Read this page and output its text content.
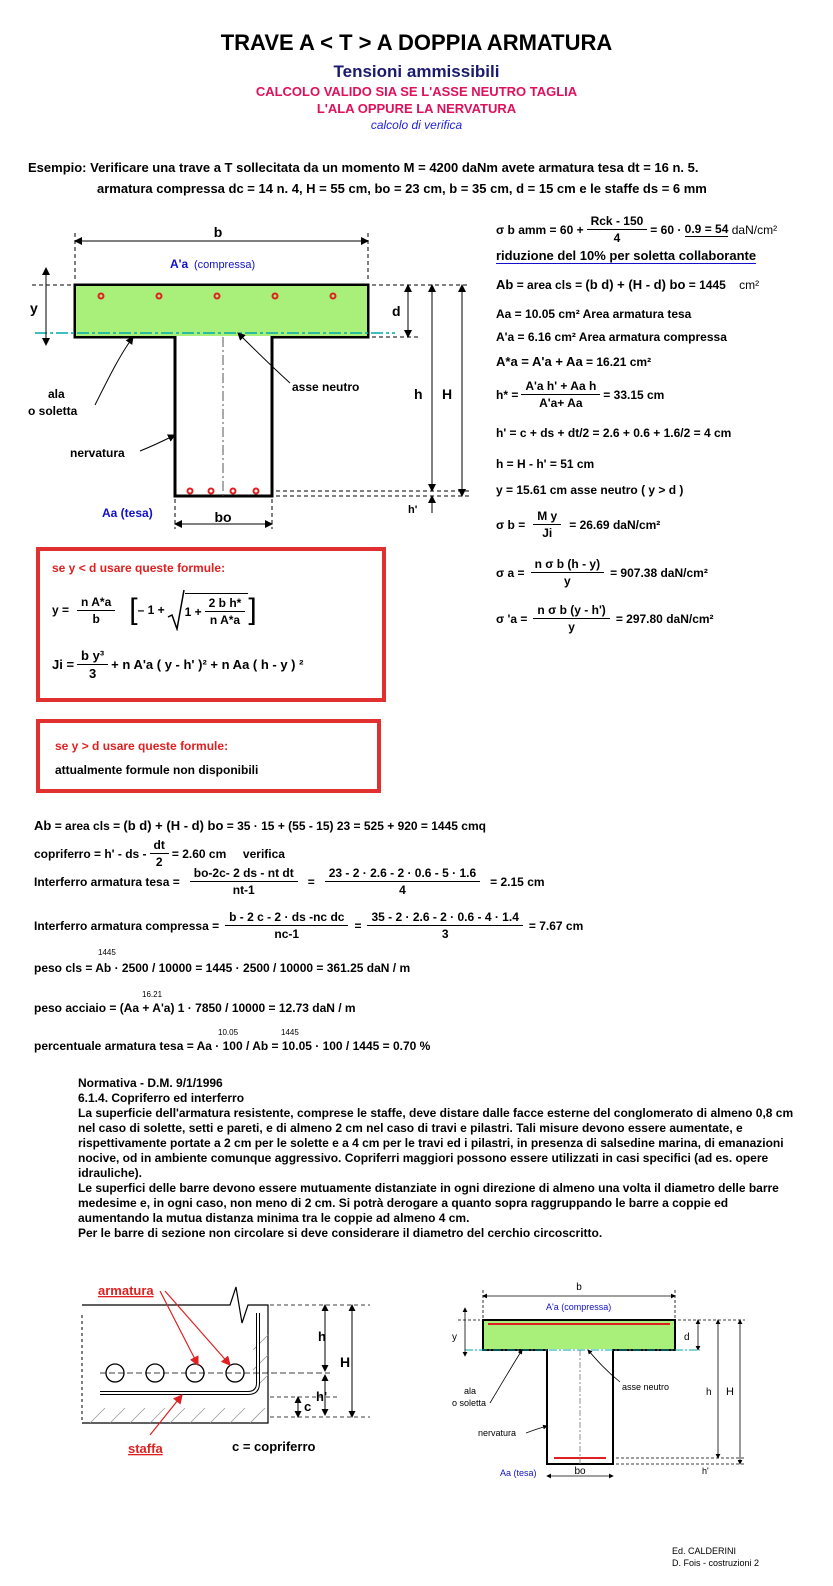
TRAVE A < T > A DOPPIA ARMATURA
Tensioni ammissibili
CALCOLO VALIDO SIA SE L'ASSE NEUTRO TAGLIA
L'ALA OPPURE LA NERVATURA
calcolo di verifica
Esempio: Verificare una trave a T sollecitata da un momento M = 4200 daNm avete armatura tesa dt = 16 n. 5.
armatura compressa dc = 14 n. 4, H = 55 cm, bo = 23 cm, b = 35 cm, d = 15 cm e le staffe ds = 6 mm
b
A'a (compressa)
y	d
h H
ala
o soletta
asse neutro
nervatura
Aa (tesa)	bo	h'
σ b amm = $60 + \frac{\text{Rck - 150}}{4} = 60$ ·
0.9 = 54
daN/cm²
riduzione del 10% per soletta collaborante
Ab = area cls = (b d) + (H - d) bo = 1445 cm²
Aa = 10.05 cm² Area armatura tesa
A'a = 6.16 cm² Area armatura compressa
A*a = A'a + Aa = 16.21 cm²
$h* = \frac{\text{A'a h' + Aa h}}{A'a+ Aa} = 33.15$ cm
h' = c + ds + dt/2 = 2.6 + 0.6 + 1.6/2 = 4 cm
h = H - h' = 51 cm
y = 15.61 cm asse neutro ( y > d )
σ $b = \frac{\text{M y}}{Ji} = 26.69$ daN/cm²
σ $a = \frac{\text{n σ b (h - y)}}{y} = 907.38$ daN/cm²
σ '$a = \frac{\text{n σ b (y - h')}}{y} = 297.80$ daN/cm²
se y < d usare queste formule:
$y = \frac{\text{n A*a}}{b}$ [ – $1 + 1 + \frac{\text{2 b h*}}{\text{n A*a}}$ ]
$Ji = \frac{\text{b y³}}{3} + n$ A'a ( y - h' )² + n Aa ( h - y ) ²
se y > d usare queste formule:
attualmente formule non disponibili
Ab = area cls = (b d) + (H - d) bo = 35 · 15 + (55 - 15) 23 = 525 + 920 = 1445 cmq
copriferro = h' - ds - $\frac{dt}{2} = 2.60$ cm
verifica
Interferro armatura tesa = $\frac{\text{bo-2c- 2 ds - nt dt}}{nt-1} = \frac{23 - 2 \cdot 2.6 - 2 \cdot 0.6 - 5 \cdot 1.6}{4} = 2.15$ cm
Interferro armatura compressa = $\frac{\text{b - 2 c - 2 · ds -nc dc}}{nc-1} = \frac{35 - 2 \cdot 2.6 - 2 \cdot 0.6 - 4 \cdot 1.4}{3} = 7.67$ cm
1445
peso cls = Ab · 2500 / 10000 = 1445 · 2500 / 10000 = 361.25 daN / m
16.21
peso acciaio = (Aa + A'a) 1 · 7850 / 10000 = 12.73 daN / m
10.05	1445
percentuale armatura tesa = Aa · 100 / Ab = 10.05 · 100 / 1445 = 0.70 %
Normativa - D.M. 9/1/1996
6.1.4. Copriferro ed interferro
La superficie dell'armatura resistente, comprese le staffe, deve distare dalle facce esterne del conglomerato di almeno 0,8 cm nel caso di solette, setti e pareti, e di almeno 2 cm nel caso di travi e pilastri. Tali misure devono essere aumentate, e rispettivamente portate a 2 cm per le solette e a 4 cm per le travi ed i pilastri, in presenza di salsedine marina, di emanazioni nocive, od in ambiente comunque aggressivo. Copriferri maggiori possono essere utilizzati in casi specifici (ad es. opere idrauliche).
Le superfici delle barre devono essere mutuamente distanziate in ogni direzione di almeno una volta il diametro delle barre medesime e, in ogni caso, non meno di 2 cm. Si potrà derogare a quanto sopra raggruppando le barre a coppie ed aumentando la mutua distanza minima tra le coppie ad almeno 4 cm.
Per le barre di sezione non circolare si deve considerare il diametro del cerchio circoscritto.
armatura
h
H
h'
c
staffa	c = copriferro
b
A'a (compressa)
y	d
h H
ala
o soletta
asse neutro
nervatura
Aa (tesa)	bo	h'
Ed. CALDERINI
D. Fois - costruzioni 2
